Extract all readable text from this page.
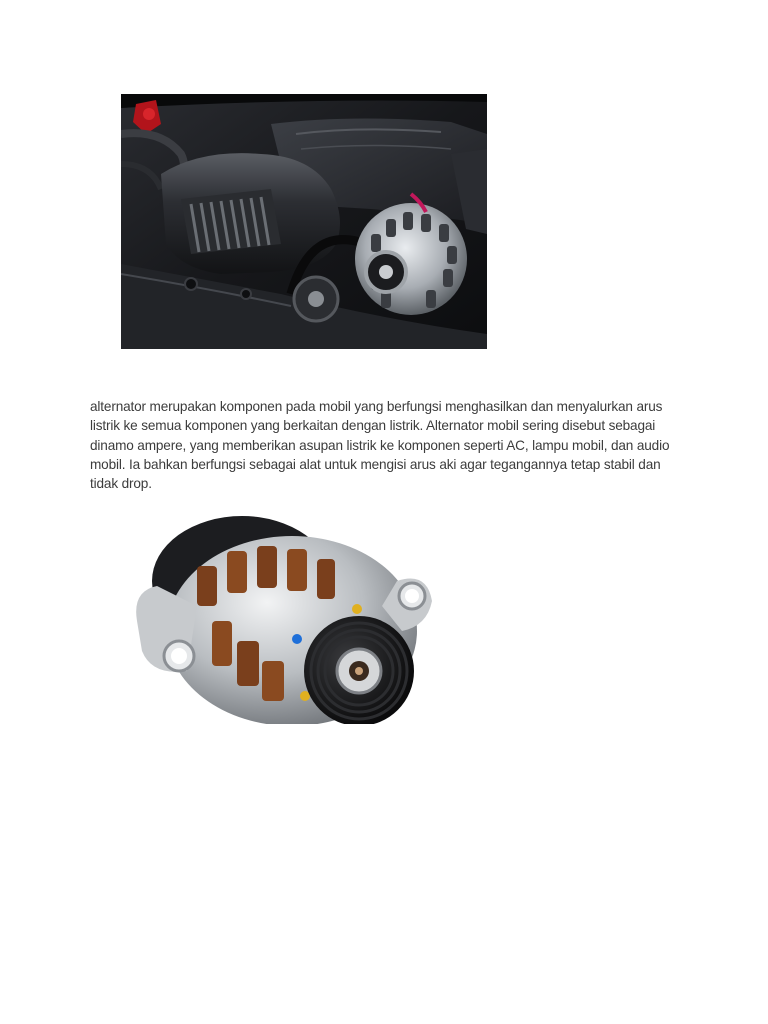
alternator merupakan komponen pada mobil yang berfungsi menghasilkan dan menyalurkan arus listrik ke semua komponen yang berkaitan dengan listrik. Alternator mobil sering disebut sebagai dinamo ampere, yang memberikan asupan listrik ke komponen seperti AC, lampu mobil, dan audio mobil. Ia bahkan berfungsi sebagai alat untuk mengisi arus aki agar tegangannya tetap stabil dan tidak drop.
